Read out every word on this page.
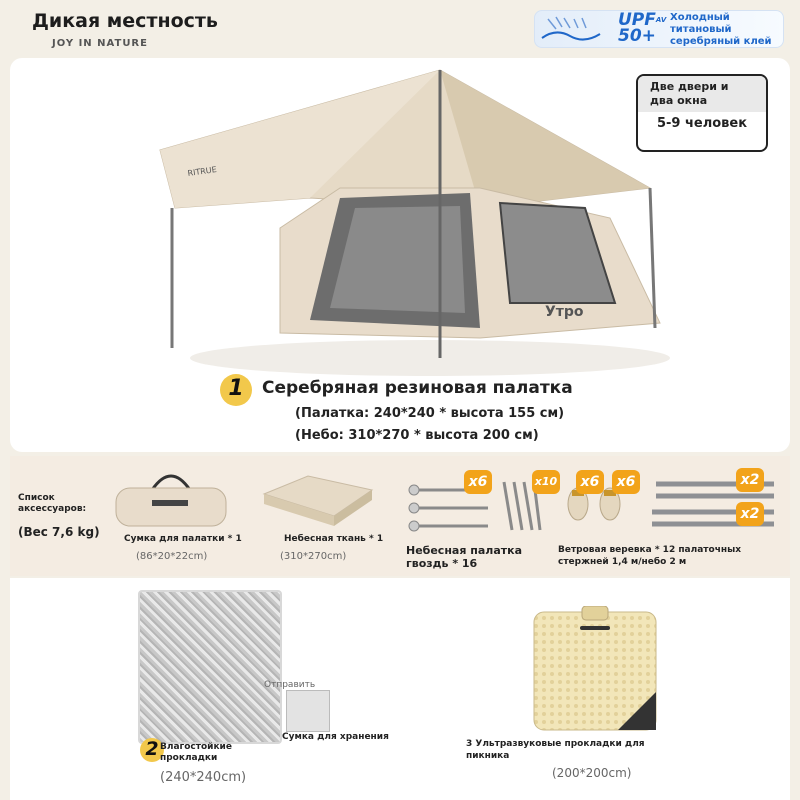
Дикая местность
JOY IN NATURE
$UPF^{AV}$
50+
Холодный титановый серебряный клей
RITRUE
Две двери и два окна
5-9 человек
Утро
1	Серебряная резиновая палатка
(Палатка: 240*240 * высота 155 см)
(Небо: 310*270 * высота 200 см)
Список аксессуаров:
(Вес 7,6 kg)	Сумка для палатки * 1
(86*20*22cm)
Небесная ткань * 1
(310*270cm)
x6	x10
Небесная палатка гвоздь * 16
x6	x6	x2
x2
Ветровая веревка * 12 палаточных стержней 1,4 м/небо 2 м
Отправить
Сумка для хранения
2 Влагостойкие прокладки
(240*240cm)
3 Ультразвуковые прокладки для пикника
(200*200cm)
